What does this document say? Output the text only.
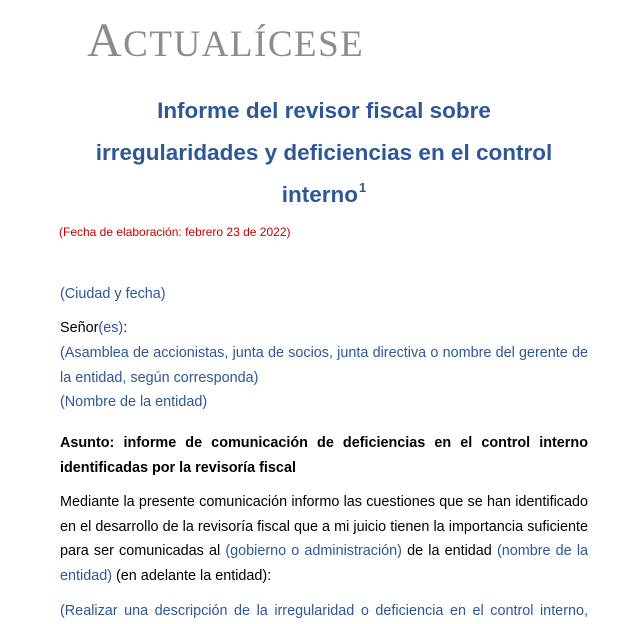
ACTUALÍCESE
Informe del revisor fiscal sobre
irregularidades y deficiencias en el control
interno$^1$
(Fecha de elaboración: febrero 23 de 2022)

(Ciudad y fecha)

Señor(es):

(Asamblea de accionistas, junta de socios, junta directiva o nombre del gerente de la entidad, según corresponda)

(Nombre de la entidad)

Asunto: informe de comunicación de deficiencias en el control interno identificadas por la revisoría fiscal

Mediante la presente comunicación informo las cuestiones que se han identificado en el desarrollo de la revisoría fiscal que a mi juicio tienen la importancia suficiente para ser comunicadas al (gobierno o administración) de la entidad (nombre de la entidad) (en adelante la entidad):

(Realizar una descripción de la irregularidad o deficiencia en el control interno,
